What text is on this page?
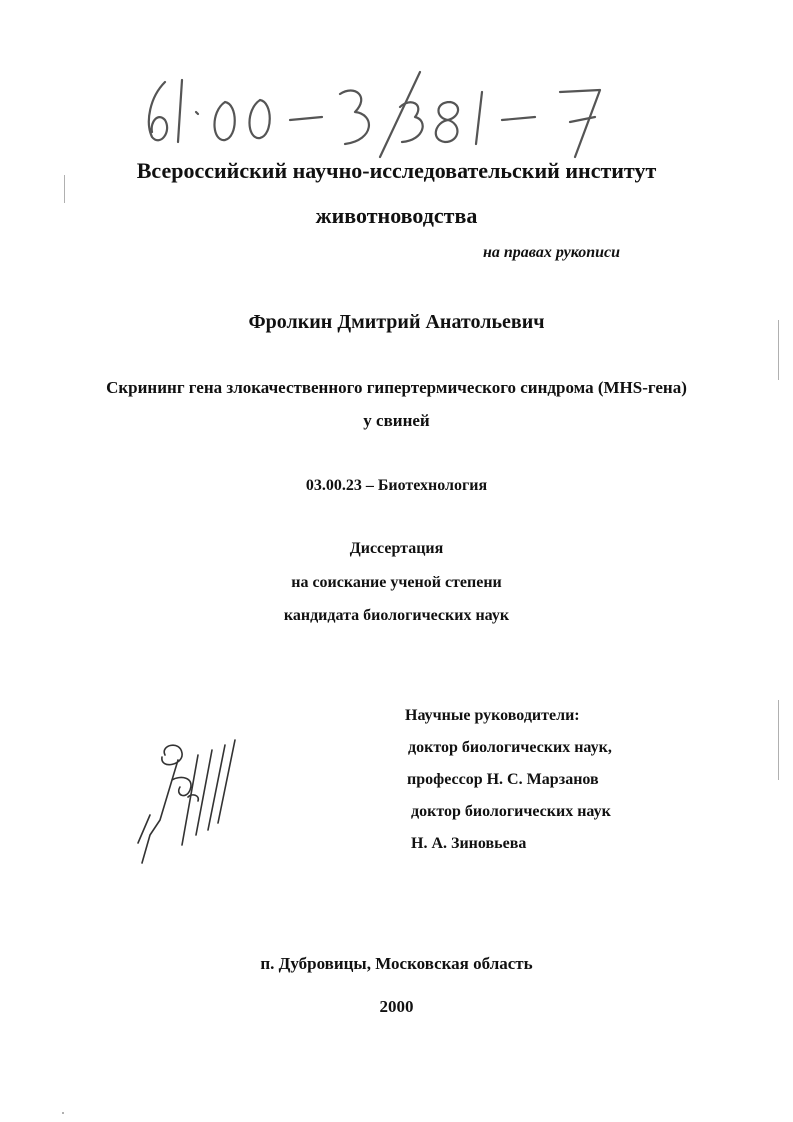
Всероссийский научно-исследовательский институт
животноводства

на правах рукописи

Фролкин Дмитрий Анатольевич

Скрининг гена злокачественного гипертермического синдрома (MHS-гена)

у свиней

03.00.23 – Биотехнология

Диссертация

на соискание ученой степени

кандидата биологических наук

Научные руководители:

доктор биологических наук,

профессор Н. С. Марзанов

доктор биологических наук

Н. А. Зиновьева

п. Дубровицы, Московская область

2000
